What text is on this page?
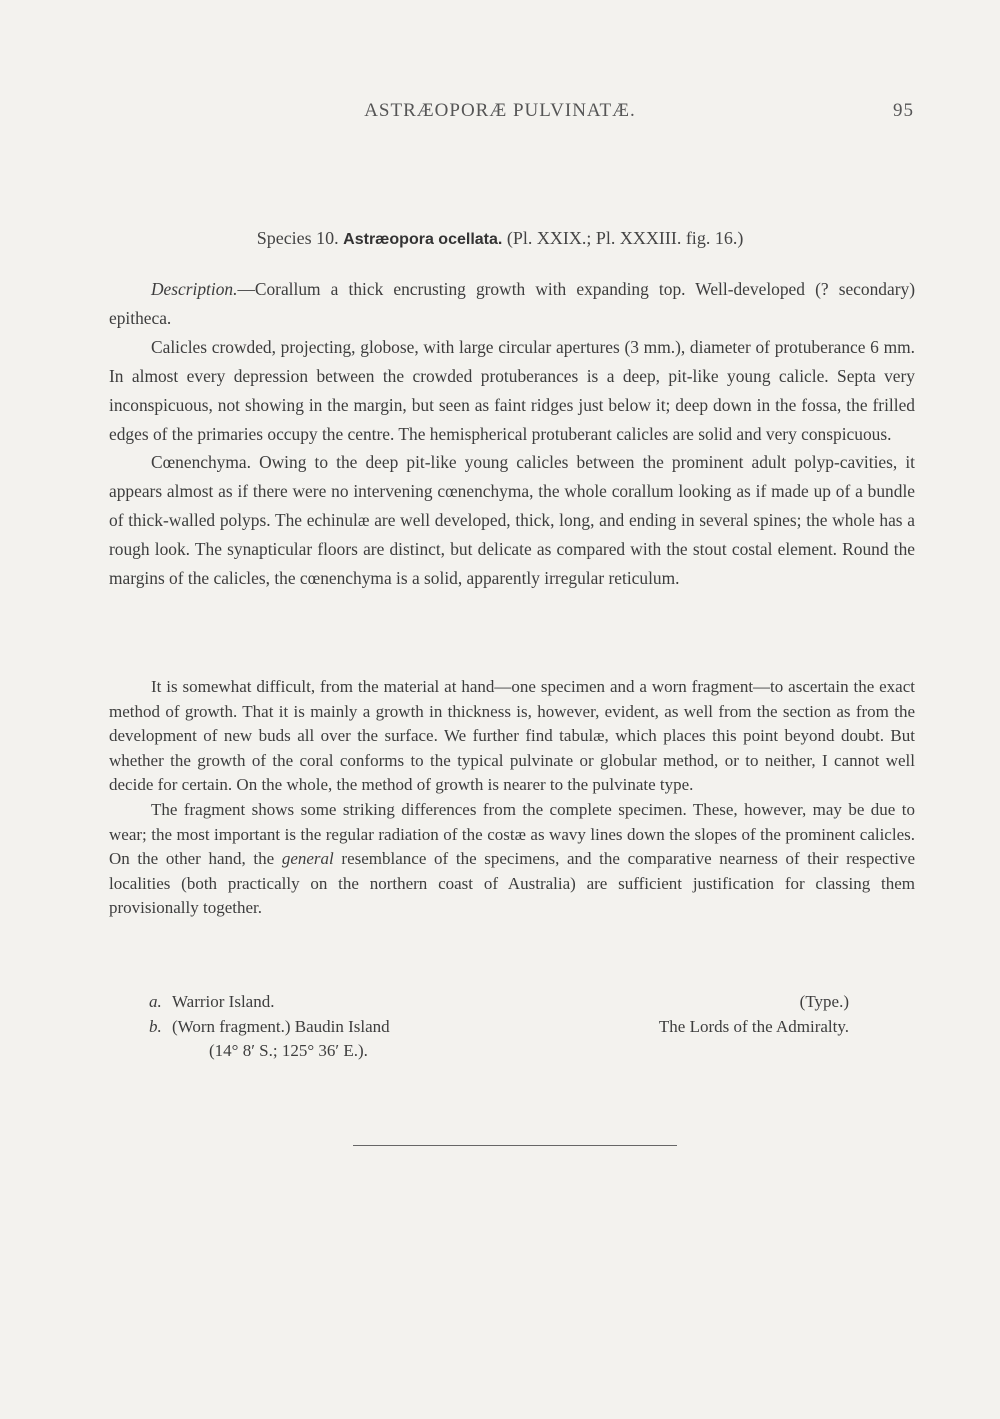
ASTRÆOPORÆ PULVINATÆ.	95
Species 10. Astræopora ocellata. (Pl. XXIX.; Pl. XXXIII. fig. 16.)

Description.—Corallum a thick encrusting growth with expanding top. Well-developed (? secondary) epitheca.

Calicles crowded, projecting, globose, with large circular apertures (3 mm.), diameter of protuberance 6 mm. In almost every depression between the crowded protuberances is a deep, pit-like young calicle. Septa very inconspicuous, not showing in the margin, but seen as faint ridges just below it; deep down in the fossa, the frilled edges of the primaries occupy the centre. The hemispherical protuberant calicles are solid and very conspicuous.

Cœnenchyma. Owing to the deep pit-like young calicles between the prominent adult polyp-cavities, it appears almost as if there were no intervening cœnenchyma, the whole corallum looking as if made up of a bundle of thick-walled polyps. The echinulæ are well developed, thick, long, and ending in several spines; the whole has a rough look. The synapticular floors are distinct, but delicate as compared with the stout costal element. Round the margins of the calicles, the cœnenchyma is a solid, apparently irregular reticulum.

It is somewhat difficult, from the material at hand—one specimen and a worn fragment—to ascertain the exact method of growth. That it is mainly a growth in thickness is, however, evident, as well from the section as from the development of new buds all over the surface. We further find tabulæ, which places this point beyond doubt. But whether the growth of the coral conforms to the typical pulvinate or globular method, or to neither, I cannot well decide for certain. On the whole, the method of growth is nearer to the pulvinate type.

The fragment shows some striking differences from the complete specimen. These, however, may be due to wear; the most important is the regular radiation of the costæ as wavy lines down the slopes of the prominent calicles. On the other hand, the general resemblance of the specimens, and the comparative nearness of their respective localities (both practically on the northern coast of Australia) are sufficient justification for classing them provisionally together.

a. Warrior Island.	(Type.)
b. (Worn fragment.) Baudin Island	The Lords of the Admiralty.
(14° 8′ S.; 125° 36′ E.).
